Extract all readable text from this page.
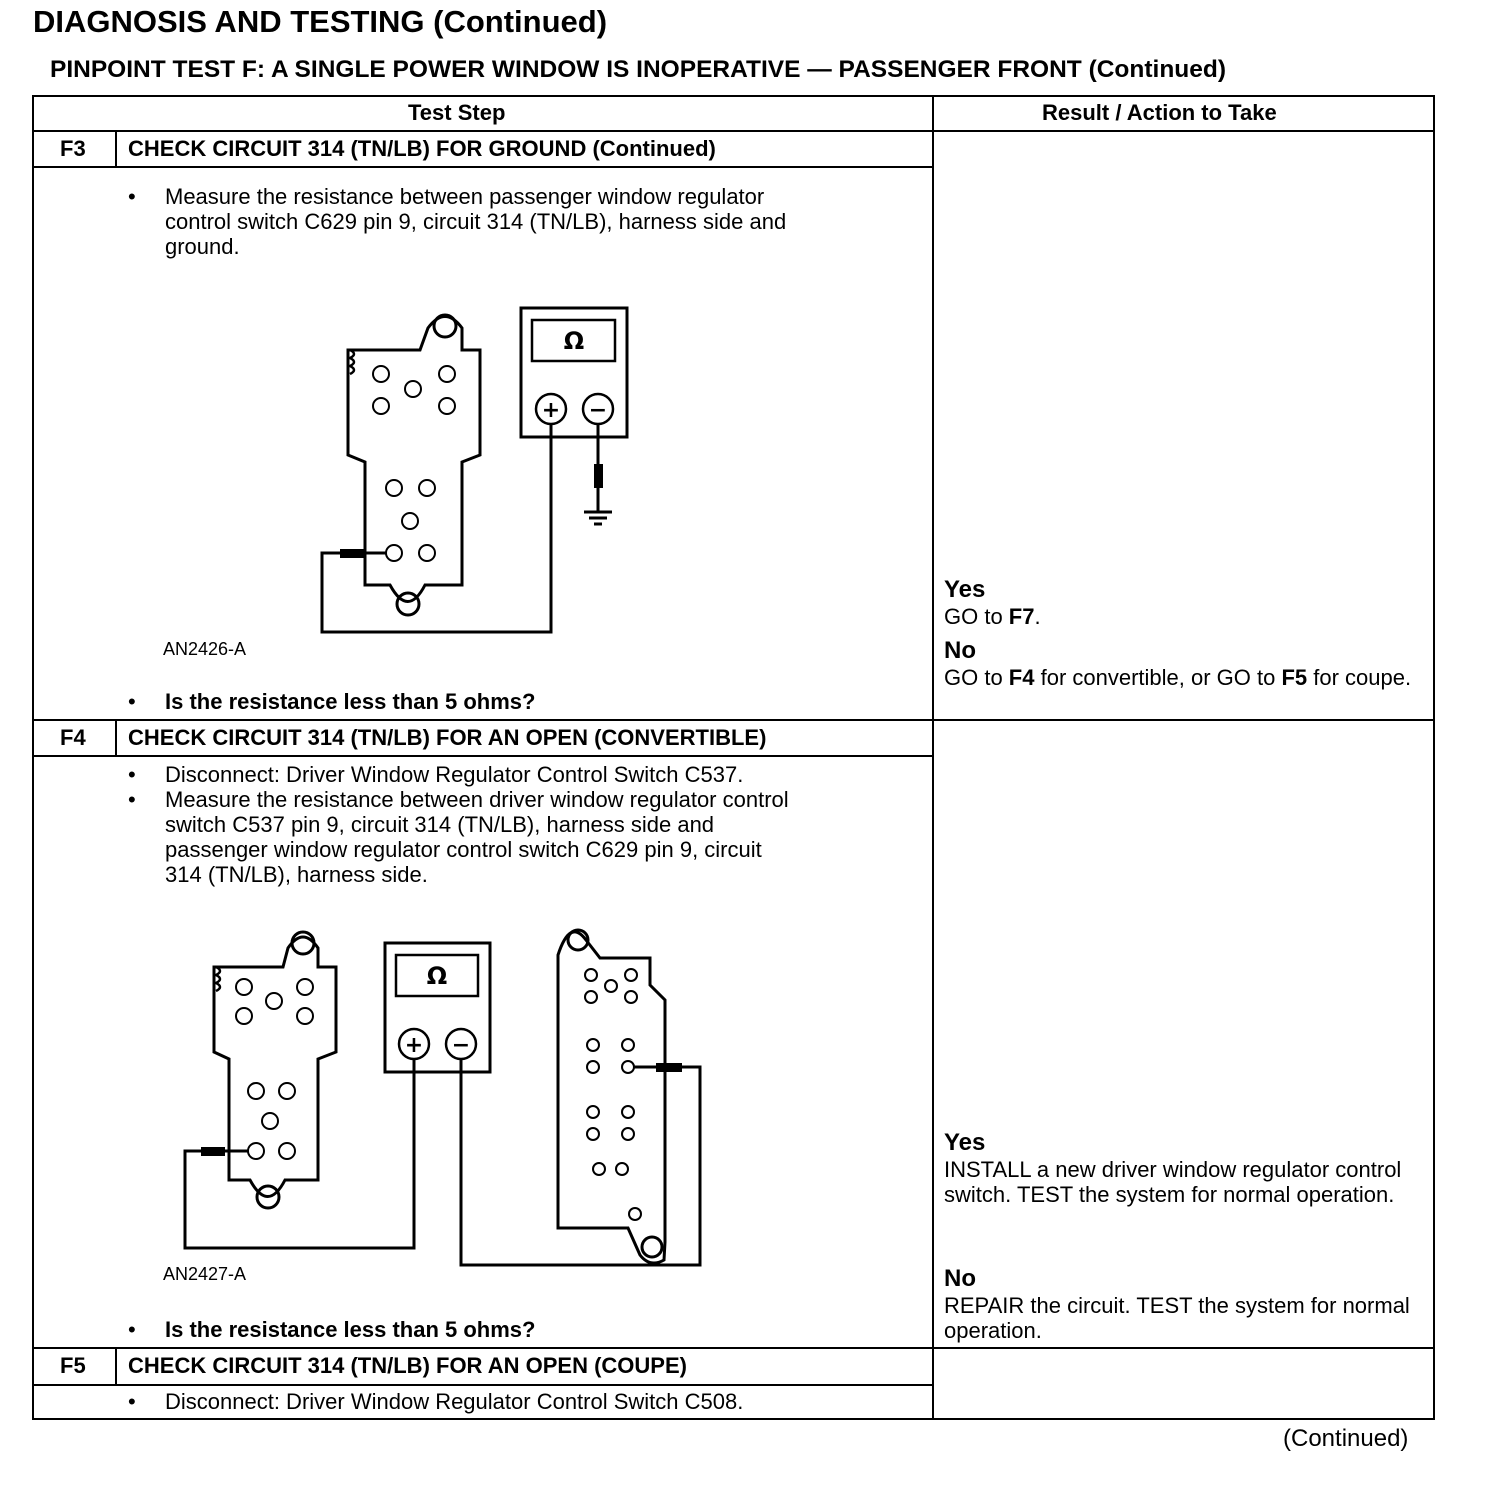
DIAGNOSIS AND TESTING (Continued)
PINPOINT TEST F: A SINGLE POWER WINDOW IS INOPERATIVE — PASSENGER FRONT (Continued)
Test Step	Result / Action to Take
F3 CHECK CIRCUIT 314 (TN/LB) FOR GROUND (Continued)
• Measure the resistance between passenger window regulator
control switch C629 pin 9, circuit 314 (TN/LB), harness side and
ground.
Ω
+ −
AN2426-A
• Is the resistance less than 5 ohms?
Yes
GO to F7.
No
GO to F4 for convertible, or GO to F5 for coupe.
F4 CHECK CIRCUIT 314 (TN/LB) FOR AN OPEN (CONVERTIBLE)
• Disconnect: Driver Window Regulator Control Switch C537.
• Measure the resistance between driver window regulator control
switch C537 pin 9, circuit 314 (TN/LB), harness side and
passenger window regulator control switch C629 pin 9, circuit
314 (TN/LB), harness side.
Ω
+ −
AN2427-A
• Is the resistance less than 5 ohms?
Yes
INSTALL a new driver window regulator control switch. TEST the system for normal operation.
No
REPAIR the circuit. TEST the system for normal operation.
F5 CHECK CIRCUIT 314 (TN/LB) FOR AN OPEN (COUPE)
• Disconnect: Driver Window Regulator Control Switch C508.
(Continued)
